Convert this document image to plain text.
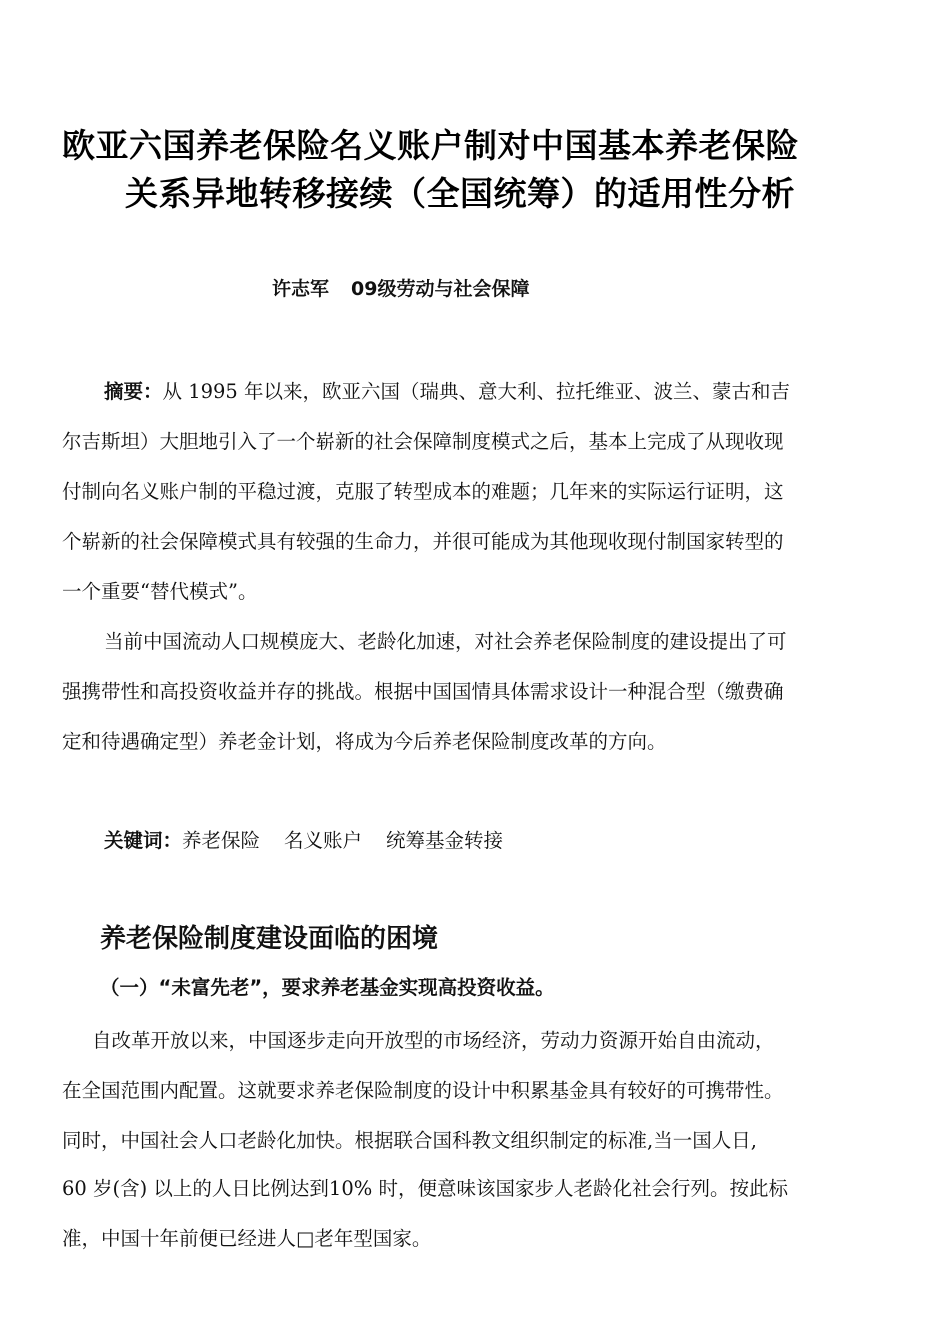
欧亚六国养老保险名义账户制对中国基本养老保险
关系异地转移接续（全国统筹）的适用性分析
许志军 09级劳动与社会保障
摘要：从 1995 年以来，欧亚六国（瑞典、意大利、拉托维亚、波兰、蒙古和吉
尔吉斯坦）大胆地引入了一个崭新的社会保障制度模式之后，基本上完成了从现收现
付制向名义账户制的平稳过渡，克服了转型成本的难题；几年来的实际运行证明，这
个崭新的社会保障模式具有较强的生命力，并很可能成为其他现收现付制国家转型的
一个重要“替代模式”。
当前中国流动人口规模庞大、老龄化加速，对社会养老保险制度的建设提出了可
强携带性和高投资收益并存的挑战。根据中国国情具体需求设计一种混合型（缴费确
定和待遇确定型）养老金计划，将成为今后养老保险制度改革的方向。
关键词：养老保险 名义账户 统筹基金转接
养老保险制度建设面临的困境
（一）“未富先老”，要求养老基金实现高投资收益。
自改革开放以来，中国逐步走向开放型的市场经济，劳动力资源开始自由流动，
在全国范围内配置。这就要求养老保险制度的设计中积累基金具有较好的可携带性。
同时，中国社会人口老龄化加快。根据联合国科教文组织制定的标准,当一国人日,
60 岁(含) 以上的人日比例达到10% 时，便意味该国家步人老龄化社会行列。按此标
准，中国十年前便已经进人□老年型国家。
